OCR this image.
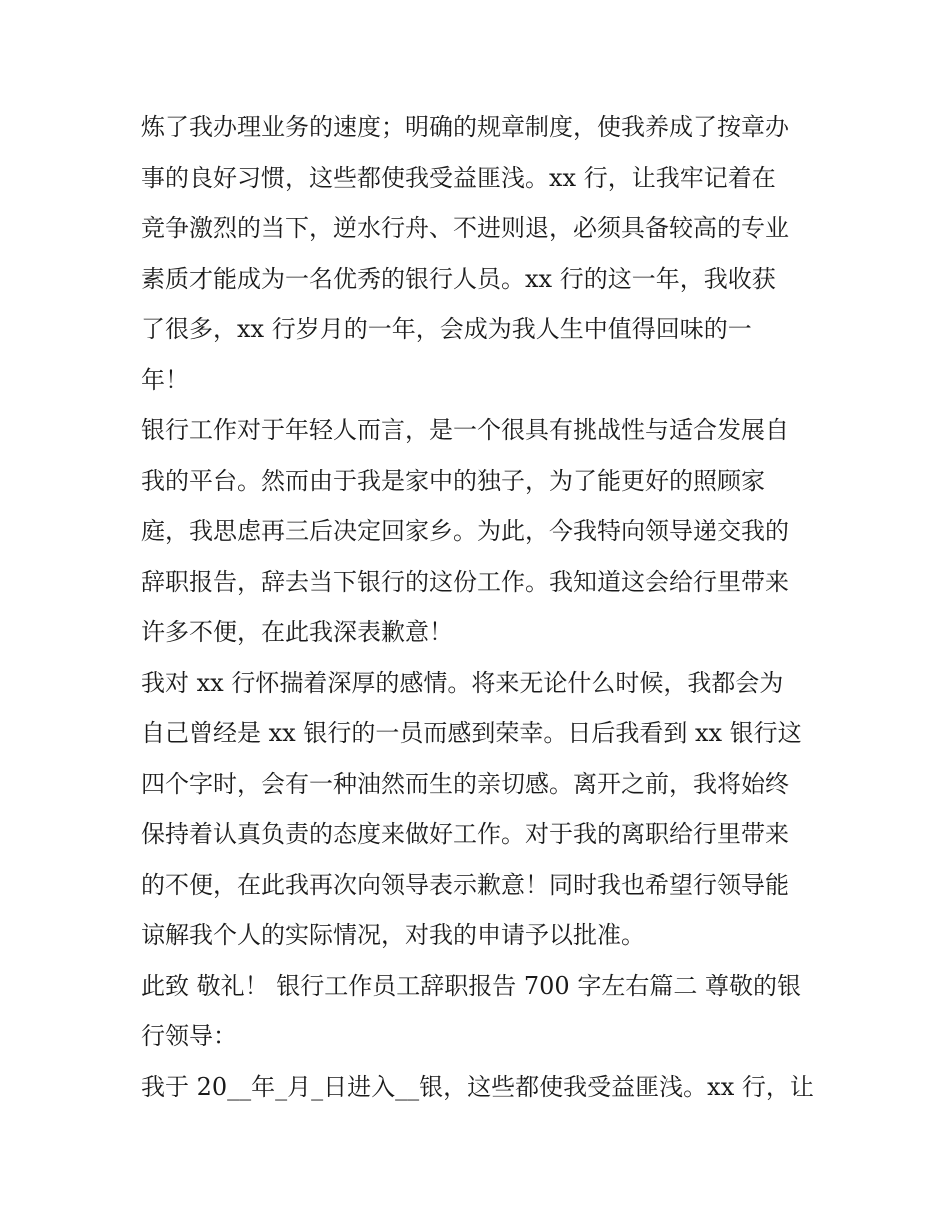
炼了我办理业务的速度；明确的规章制度，使我养成了按章办
事的良好习惯，这些都使我受益匪浅。xx 行，让我牢记着在
竞争激烈的当下，逆水行舟、不进则退，必须具备较高的专业
素质才能成为一名优秀的银行人员。xx 行的这一年，我收获
了很多，xx 行岁月的一年，会成为我人生中值得回味的一
年！
银行工作对于年轻人而言，是一个很具有挑战性与适合发展自
我的平台。然而由于我是家中的独子，为了能更好的照顾家
庭，我思虑再三后决定回家乡。为此，今我特向领导递交我的
辞职报告，辞去当下银行的这份工作。我知道这会给行里带来
许多不便，在此我深表歉意！
我对 xx 行怀揣着深厚的感情。将来无论什么时候，我都会为
自己曾经是 xx 银行的一员而感到荣幸。日后我看到 xx 银行这
四个字时，会有一种油然而生的亲切感。离开之前，我将始终
保持着认真负责的态度来做好工作。对于我的离职给行里带来
的不便，在此我再次向领导表示歉意！同时我也希望行领导能
谅解我个人的实际情况，对我的申请予以批准。
此致 敬礼！ 银行工作员工辞职报告 700 字左右篇二 尊敬的银
行领导：
我于 20__年_月_日进入__银，这些都使我受益匪浅。xx 行，让
